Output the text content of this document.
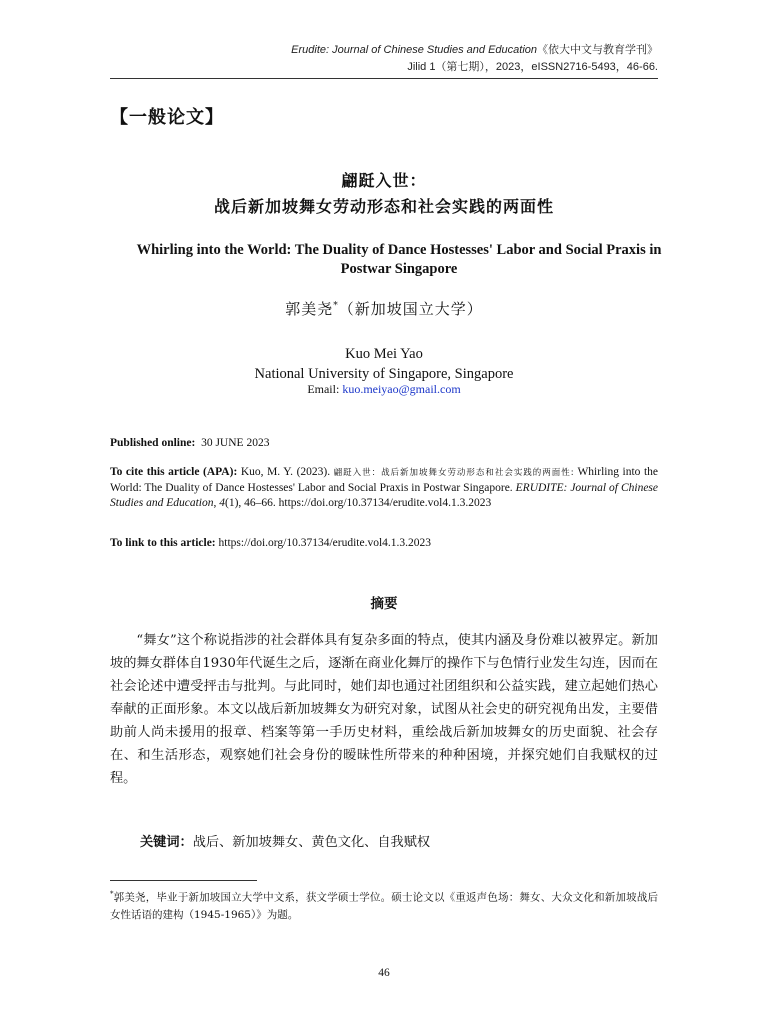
Erudite: Journal of Chinese Studies and Education《依大中文与教育学刊》
Jilid 1（第七期），2023，eISSN2716-5493，46-66.
【一般论文】
翩跹入世：
战后新加坡舞女劳动形态和社会实践的两面性
Whirling into the World: The Duality of Dance Hostesses' Labor and Social Praxis in Postwar Singapore
郭美尧*（新加坡国立大学）
Kuo Mei Yao
National University of Singapore, Singapore
Email: kuo.meiyao@gmail.com
Published online: 30 JUNE 2023
To cite this article (APA): Kuo, M. Y. (2023). 翩跹入世：战后新加坡舞女劳动形态和社会实践的两面性: Whirling into the World: The Duality of Dance Hostesses' Labor and Social Praxis in Postwar Singapore. ERUDITE: Journal of Chinese Studies and Education, 4(1), 46–66. https://doi.org/10.37134/erudite.vol4.1.3.2023
To link to this article: https://doi.org/10.37134/erudite.vol4.1.3.2023
摘要
“舞女”这个称说指涉的社会群体具有复杂多面的特点，使其内涵及身份难以被界定。新加坡的舞女群体自1930年代诞生之后，逐渐在商业化舞厅的操作下与色情行业发生勾连，因而在社会论述中遭受抨击与批判。与此同时，她们却也通过社团组织和公益实践，建立起她们热心奉献的正面形象。本文以战后新加坡舞女为研究对象，试图从社会史的研究视角出发，主要借助前人尚未援用的报章、档案等第一手历史材料，重绘战后新加坡舞女的历史面貌、社会存在、和生活形态，观察她们社会身份的暧昧性所带来的种种困境，并探究她们自我赋权的过程。
关键词：战后、新加坡舞女、黄色文化、自我赋权
*郭美尧，毕业于新加坡国立大学中文系，获文学硕士学位。硕士论文以《重返声色场：舞女、大众文化和新加坡战后女性话语的建构（1945-1965）》为题。
46
